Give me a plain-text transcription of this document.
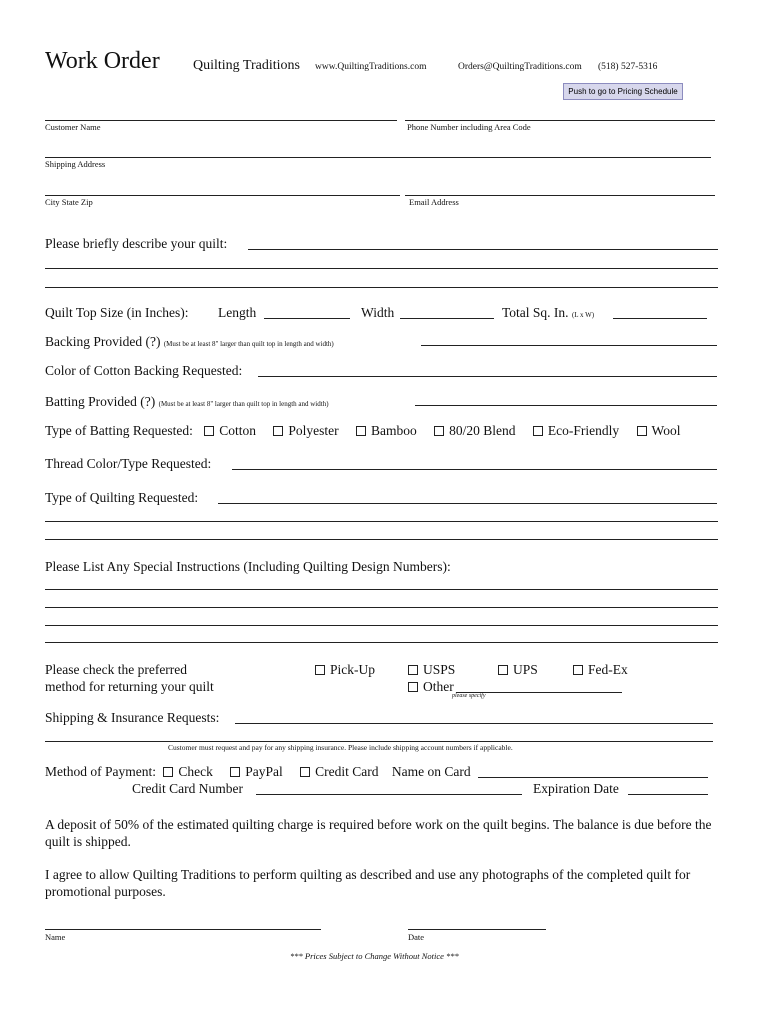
Work Order Quilting Traditions www.QuiltingTraditions.com	Orders@QuiltingTraditions.com (518) 527-5316
Push to go to Pricing Schedule
Customer Name	Phone Number including Area Code
Shipping Address
City State Zip	Email Address
Please briefly describe your quilt:
Quilt Top Size (in Inches): Length	Width	Total Sq. In. (L x W)
Backing Provided (?) (Must be at least 8" larger than quilt top in length and width)
Color of Cotton Backing Requested:
Batting Provided (?) (Must be at least 8" larger than quilt top in length and width)
Type of Batting Requested: Cotton Polyester Bamboo 80/20 Blend Eco-Friendly Wool
Thread Color/Type Requested:
Type of Quilting Requested:
Please List Any Special Instructions (Including Quilting Design Numbers):
Please check the preferred
method for returning your quilt
Pick-Up	USPS	UPS	Fed-Ex
Other
please specify
Shipping & Insurance Requests:
Customer must request and pay for any shipping insurance. Please include shipping account numbers if applicable.
Method of Payment: Check PayPal Credit Card Name on Card
Credit Card Number	Expiration Date
A deposit of 50% of the estimated quilting charge is required before work on the quilt begins. The balance is due before the quilt is shipped.
I agree to allow Quilting Traditions to perform quilting as described and use any photographs of the completed quilt for promotional purposes.
Name	Date
*** Prices Subject to Change Without Notice ***
